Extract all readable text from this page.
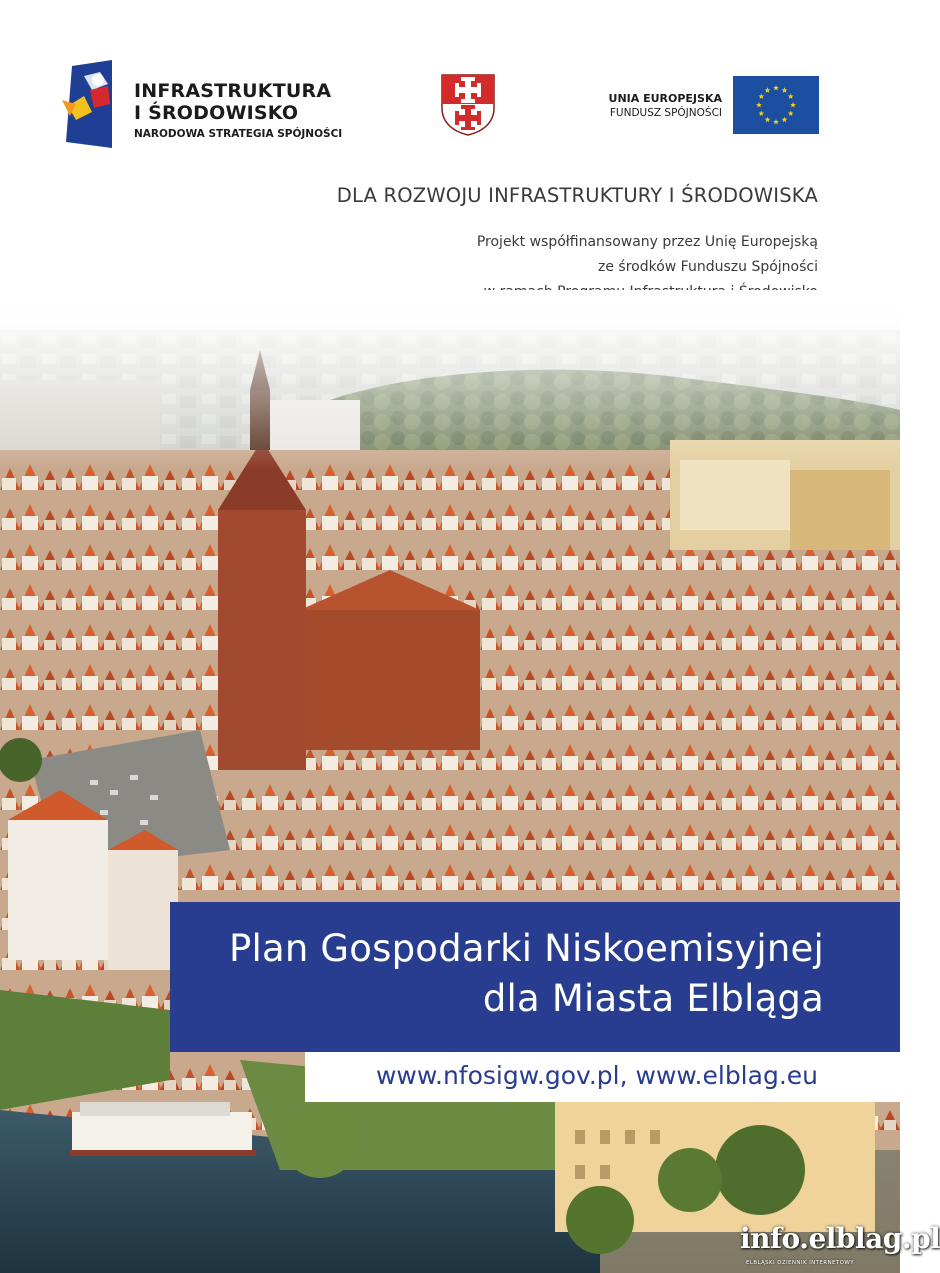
INFRASTRUKTURA
I ŚRODOWISKO
NARODOWA STRATEGIA SPÓJNOŚCI
UNIA EUROPEJSKA
FUNDUSZ SPÓJNOŚCI
DLA ROZWOJU INFRASTRUKTURY I ŚRODOWISKA
Projekt współfinansowany przez Unię Europejską
ze środków Funduszu Spójności
Plan Gospodarki Niskoemisyjnej
dla Miasta Elbląga
www.nfosigw.gov.pl, www.elblag.eu
info.elblag.pl
ELBLĄSKI DZIENNIK INTERNETOWY
